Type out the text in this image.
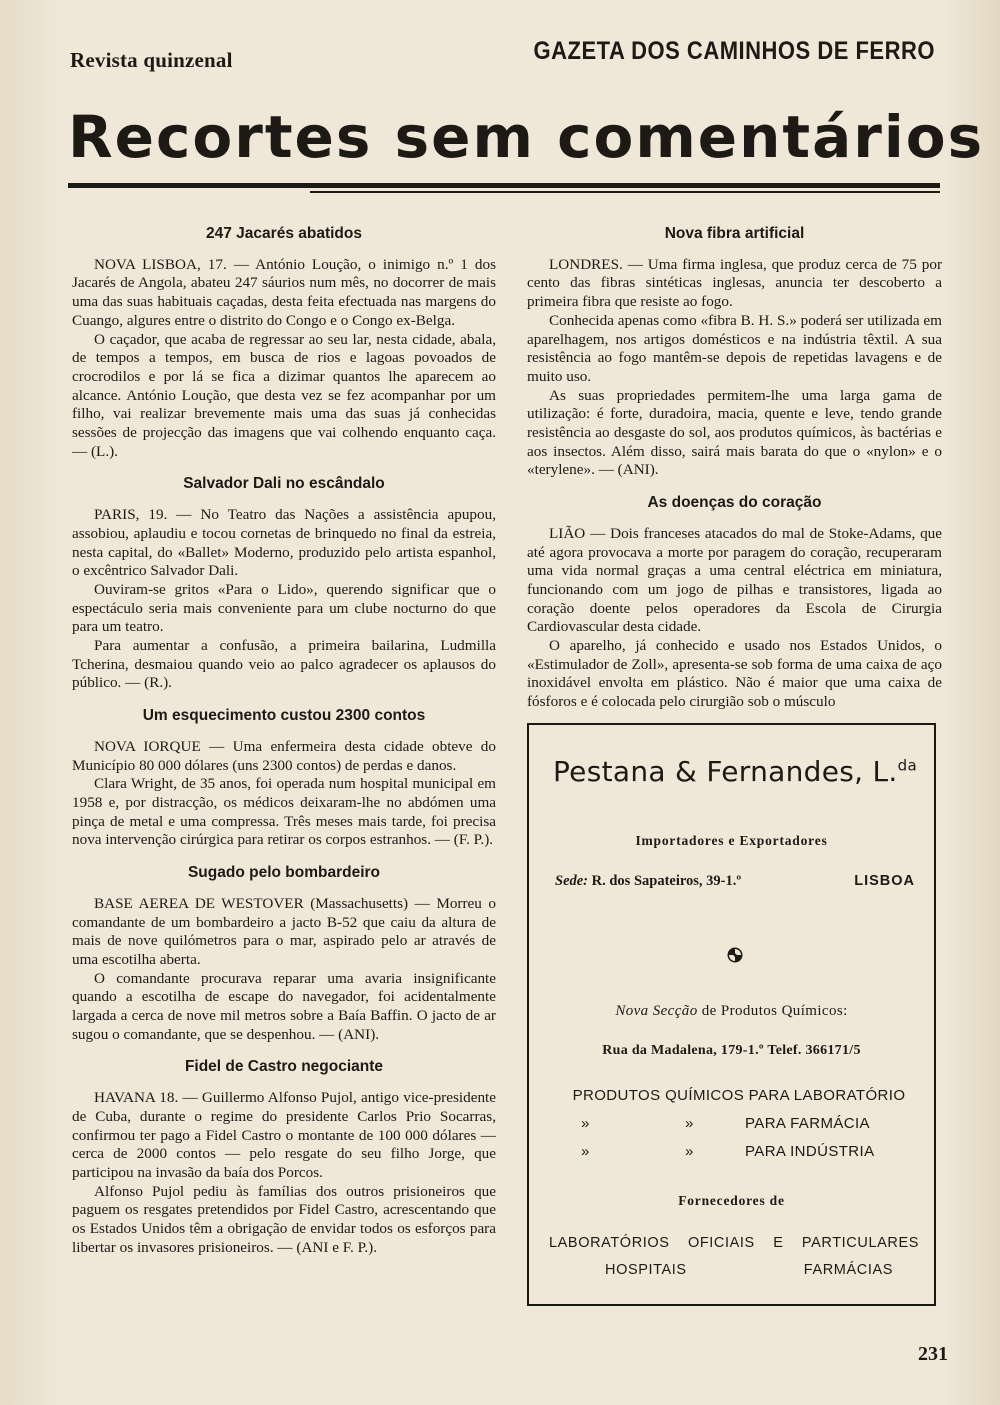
Revista quinzenal	GAZETA DOS CAMINHOS DE FERRO
Recortes sem comentários
247 Jacarés abatidos

NOVA LISBOA, 17. — António Loução, o inimigo n.º 1 dos Jacarés de Angola, abateu 247 sáurios num mês, no docorrer de mais uma das suas habituais caçadas, desta feita efectuada nas margens do Cuango, algures entre o distrito do Congo e o Congo ex-Belga.

O caçador, que acaba de regressar ao seu lar, nesta cidade, abala, de tempos a tempos, em busca de rios e lagoas povoados de crocrodilos e por lá se fica a dizimar quantos lhe aparecem ao alcance. António Loução, que desta vez se fez acompanhar por um filho, vai realizar brevemente mais uma das suas já conhecidas sessões de projecção das imagens que vai colhendo enquanto caça. — (L.).

Salvador Dali no escândalo

PARIS, 19. — No Teatro das Nações a assistência apupou, assobiou, aplaudiu e tocou cornetas de brinquedo no final da estreia, nesta capital, do «Ballet» Moderno, produzido pelo artista espanhol, o excêntrico Salvador Dali.

Ouviram-se gritos «Para o Lido», querendo significar que o espectáculo seria mais conveniente para um clube nocturno do que para um teatro.

Para aumentar a confusão, a primeira bailarina, Ludmilla Tcherina, desmaiou quando veio ao palco agradecer os aplausos do público. — (R.).

Um esquecimento custou 2300 contos

NOVA IORQUE — Uma enfermeira desta cidade obteve do Município 80 000 dólares (uns 2300 contos) de perdas e danos.

Clara Wright, de 35 anos, foi operada num hospital municipal em 1958 e, por distracção, os médicos deixaram-lhe no abdómen uma pinça de metal e uma compressa. Três meses mais tarde, foi precisa nova intervenção cirúrgica para retirar os corpos estranhos. — (F. P.).

Sugado pelo bombardeiro

BASE AEREA DE WESTOVER (Massachusetts) — Morreu o comandante de um bombardeiro a jacto B-52 que caiu da altura de mais de nove quilómetros para o mar, aspirado pelo ar através de uma escotilha aberta.

O comandante procurava reparar uma avaria insignificante quando a escotilha de escape do navegador, foi acidentalmente largada a cerca de nove mil metros sobre a Baía Baffin. O jacto de ar sugou o comandante, que se despenhou. — (ANI).

Fidel de Castro negociante

HAVANA 18. — Guillermo Alfonso Pujol, antigo vice-presidente de Cuba, durante o regime do presidente Carlos Prio Socarras, confirmou ter pago a Fidel Castro o montante de 100 000 dólares — cerca de 2000 contos — pelo resgate do seu filho Jorge, que participou na invasão da baía dos Porcos.

Alfonso Pujol pediu às famílias dos outros prisioneiros que paguem os resgates pretendidos por Fidel Castro, acrescentando que os Estados Unidos têm a obrigação de envidar todos os esforços para libertar os invasores prisioneiros. — (ANI e F. P.).

Nova fibra artificial

LONDRES. — Uma firma inglesa, que produz cerca de 75 por cento das fibras sintéticas inglesas, anuncia ter descoberto a primeira fibra que resiste ao fogo.

Conhecida apenas como «fibra B. H. S.» poderá ser utilizada em aparelhagem, nos artigos domésticos e na indústria têxtil. A sua resistência ao fogo mantêm-se depois de repetidas lavagens e de muito uso.

As suas propriedades permitem-lhe uma larga gama de utilização: é forte, duradoira, macia, quente e leve, tendo grande resistência ao desgaste do sol, aos produtos químicos, às bactérias e aos insectos. Além disso, sairá mais barata do que o «nylon» e o «terylene». — (ANI).

As doenças do coração

LIÃO — Dois franceses atacados do mal de Stoke-Adams, que até agora provocava a morte por paragem do coração, recuperaram uma vida normal graças a uma central eléctrica em miniatura, funcionando com um jogo de pilhas e transistores, ligada ao coração doente pelos operadores da Escola de Cirurgia Cardiovascular desta cidade.

O aparelho, já conhecido e usado nos Estados Unidos, o «Estimulador de Zoll», apresenta-se sob forma de uma caixa de aço inoxidável envolta em plástico. Não é maior que uma caixa de fósforos e é colocada pelo cirurgião sob o músculo

Pestana & Fernandes, L.$^{da}$
Importadores e Exportadores
Sede: R. dos Sapateiros, 39-1.º	LISBOA
Nova Secção de Produtos Químicos:
Rua da Madalena, 179-1.º Telef. 366171/5
PRODUTOS QUÍMICOS PARA LABORATÓRIO
»	»	PARA FARMÁCIA
»	»	PARA INDÚSTRIA
Fornecedores de
LABORATÓRIOS OFICIAIS E PARTICULARES
HOSPITAIS	FARMÁCIAS
231
